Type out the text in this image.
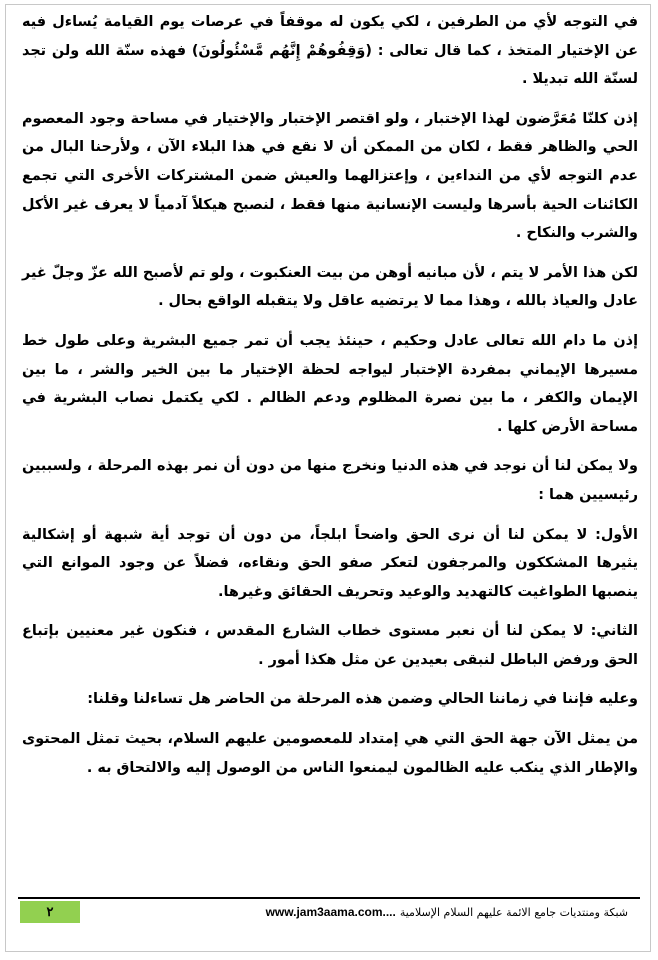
في التوجه لأي من الطرفين ، لكي يكون له موقفاً في عرصات يوم القيامة يُساءل فيه عن الإختيار المتخذ ، كما قال تعالى : (وَقِفُوهُمْ إِنَّهُم مَّسْئُولُونَ) فهذه سنّة الله ولن تجد لسنّة الله تبديلا .

إذن كلنّا مُعَرَّضون لهذا الإختبار ، ولو اقتصر الإختبار والإختيار في مساحة وجود المعصوم الحي والظاهر فقط ، لكان من الممكن أن لا نقع في هذا البلاء الآن ، ولأرحنا البال من عدم التوجه لأي من النداءين ، وإعتزالهما والعيش ضمن المشتركات الأخرى التي تجمع الكائنات الحية بأسرها وليست الإنسانية منها فقط ، لنصبح هيكلاً آدمياً لا يعرف غير الأكل والشرب والنكاح .

لكن هذا الأمر لا يتم ، لأن مبانيه أوهن من بيت العنكبوت ، ولو تم لأصبح الله عزّ وجلّ غير عادل والعياذ بالله ، وهذا مما لا يرتضيه عاقل ولا يتقبله الواقع بحال .

إذن ما دام الله تعالى عادل وحكيم ، حينئذ يجب أن تمر جميع البشرية وعلى طول خط مسيرها الإيماني بمفردة الإختبار ليواجه لحظة الإختيار ما بين الخير والشر ، ما بين الإيمان والكفر ، ما بين نصرة المظلوم ودعم الظالم . لكي يكتمل نصاب البشرية في مساحة الأرض كلها .

ولا يمكن لنا أن نوجد في هذه الدنيا ونخرج منها من دون أن نمر بهذه المرحلة ، ولسببين رئيسيين هما :

الأول: لا يمكن لنا أن نرى الحق واضحاً ابلجاً، من دون أن توجد أية شبهة أو إشكالية يثيرها المشككون والمرجفون لتعكر صفو الحق ونقاءه، فضلاً عن وجود الموانع التي ينصبها الطواغيت كالتهديد والوعيد وتحريف الحقائق وغيرها.

الثاني: لا يمكن لنا أن نعبر مستوى خطاب الشارع المقدس ، فنكون غير معنيين بإتباع الحق ورفض الباطل لنبقى بعيدين عن مثل هكذا أمور .

وعليه فإننا في زماننا الحالي وضمن هذه المرحلة من الحاضر هل تساءلنا وقلنا:

من يمثل الآن جهة الحق التي هي إمتداد للمعصومين عليهم السلام، بحيث تمثل المحتوى والإطار الذي ينكب عليه الظالمون ليمنعوا الناس من الوصول إليه والالتحاق به .

٢	www.jam3aama.com.... شبكة ومنتديات جامع الائمة عليهم السلام الإسلامية
